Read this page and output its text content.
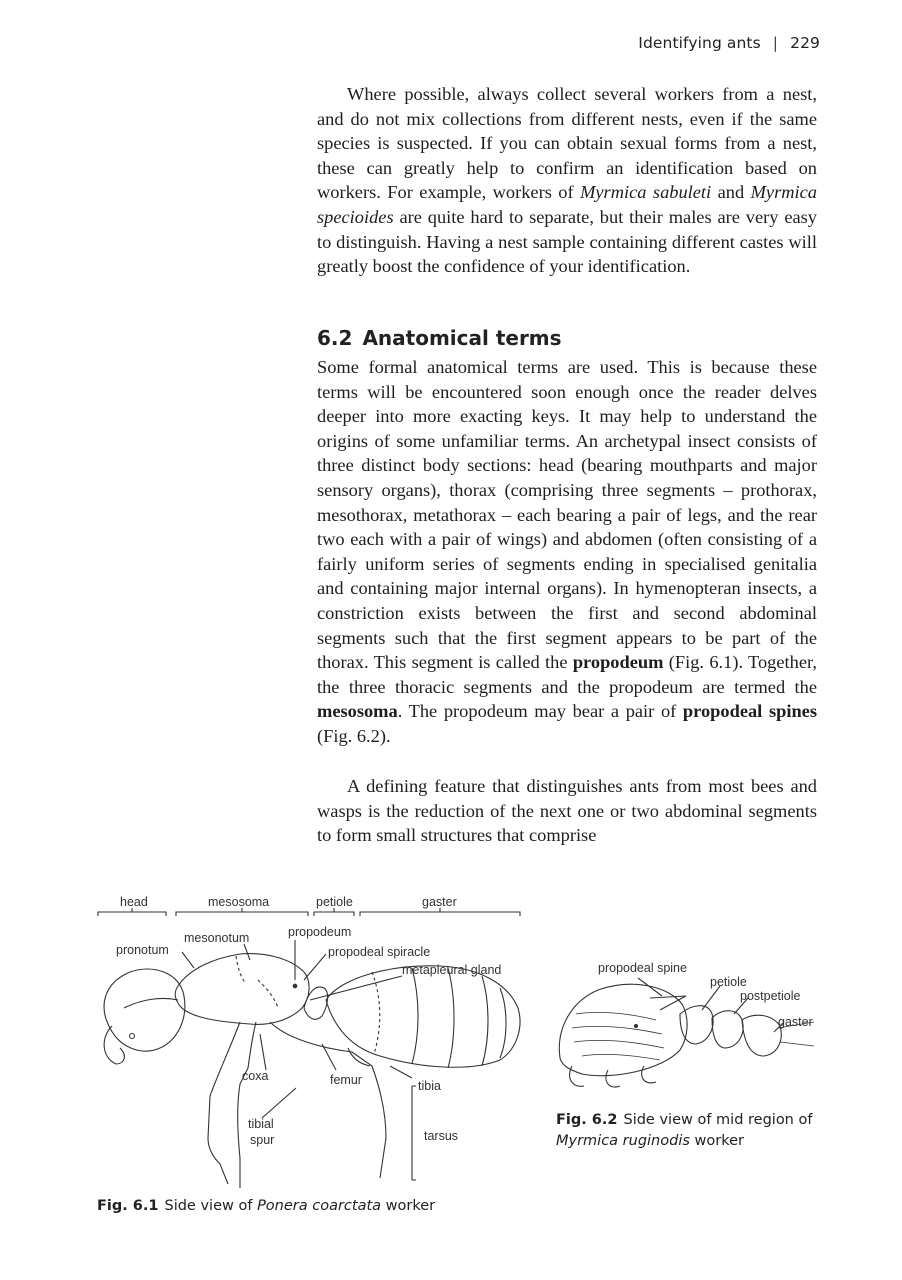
Identifying ants | 229

Where possible, always collect several workers from a nest, and do not mix collections from different nests, even if the same species is suspected. If you can obtain sexual forms from a nest, these can greatly help to confirm an identification based on workers. For example, workers of Myrmica sabuleti and Myrmica specioides are quite hard to separate, but their males are very easy to distinguish. Having a nest sample containing different castes will greatly boost the confidence of your identification.

6.2 Anatomical terms

Some formal anatomical terms are used. This is because these terms will be encountered soon enough once the reader delves deeper into more exacting keys. It may help to understand the origins of some unfamiliar terms. An archetypal insect consists of three distinct body sections: head (bearing mouthparts and major sensory organs), thorax (comprising three segments – prothorax, mesothorax, metathorax – each bearing a pair of legs, and the rear two each with a pair of wings) and abdomen (often consisting of a fairly uniform series of segments ending in specialised genitalia and containing major internal organs). In hymenopteran insects, a constriction exists between the first and second abdominal segments such that the first segment appears to be part of the thorax. This segment is called the propodeum (Fig. 6.1). Together, the three thoracic segments and the propodeum are termed the mesosoma. The propodeum may bear a pair of propodeal spines (Fig. 6.2).

A defining feature that distinguishes ants from most bees and wasps is the reduction of the next one or two abdominal segments to form small structures that comprise

head	mesosoma	petiole	gaster
mesonotum	propodeum
pronotum	propodeal spiracle
metapleural gland
coxa	femur	tibia
tibial
spur	tarsus
Fig. 6.1 Side view of Ponera coarctata worker
propodeal spine
petiole
postpetiole
gaster
Fig. 6.2 Side view of mid region of
Myrmica ruginodis worker
